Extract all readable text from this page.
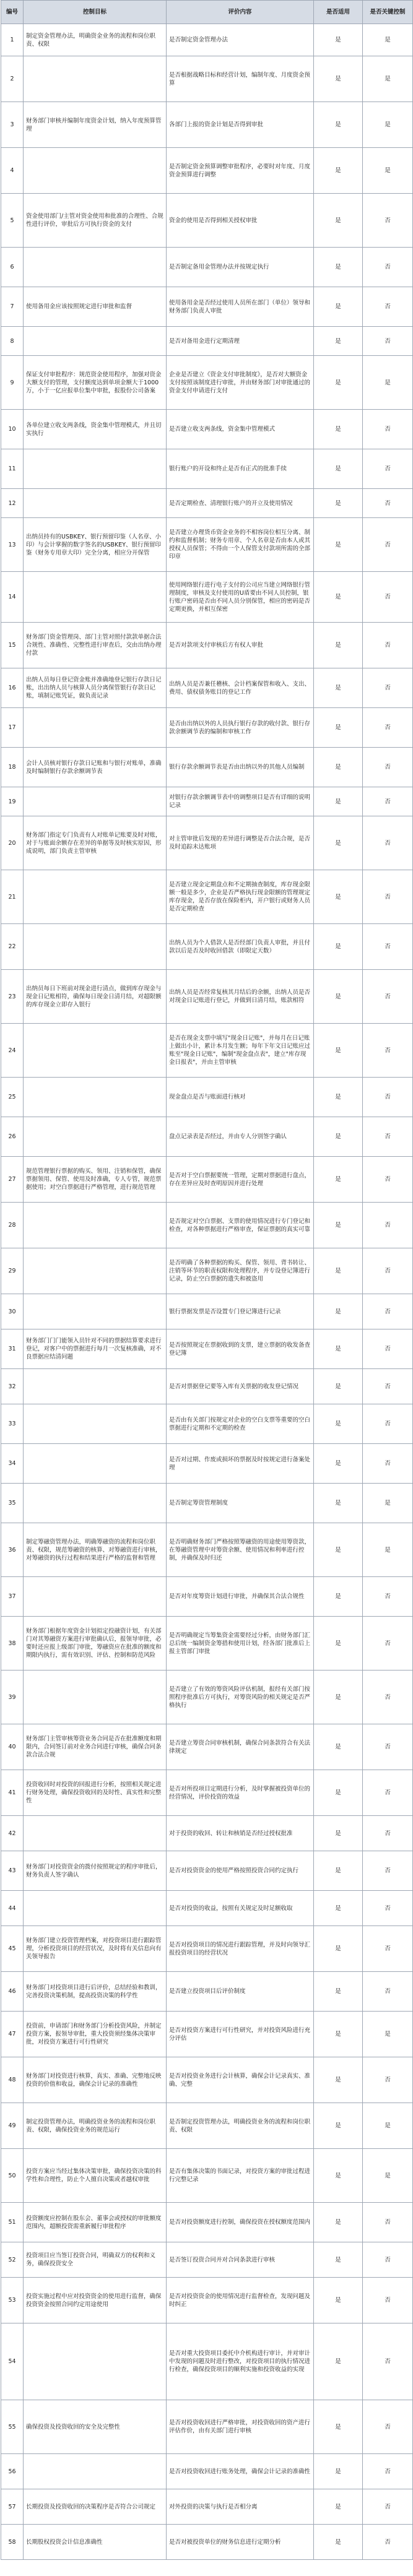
编号	控制目标	评价内容	是否适用	是否关键控制
1	制定资金管理办法，明确资金业务的流程和岗位职责、权限	是否制定资金管理办法	是	是
2		是否根据战略目标和经营计划，编制年度、月度资金预算	是	是
3	财务部门审核并编制年度资金计划，纳入年度预算管理	各部门上报的资金计划是否得到审批	是	是
4		是否制定资金预算调整审批程序，必要时对年度、月度资金预算进行调整	是	是
5	资金使用部门/主管对资金使用和批准的合理性、合规性进行评价，审批后方可执行资金的支付	资金的使用是否得到相关授权审批	是	否
6		是否制定备用金管理办法并按规定执行	是	否
7	使用备用金应该按照规定进行审批和监督	使用备用金是否经过使用人员所在部门（单位）领导和财务部门负责人审批	是	否
8		是否对备用金进行定期清理	是	否
9	保证支付审批程序：规范资金使用程序，加强对资金大额支付的管理，支付额度达到单项金额大于1000万，小于一亿应报单位集中审批，报股份公司备案	企业是否建立《资金支付审批制度》，是否对大额资金支付按照该制度进行审批，并由财务部门对审批通过的资金支付申请进行支付	是	是
10	各单位建立收支两条线，资金集中管理模式，并且切实执行	是否建立收支两条线，资金集中管理模式	是	否
11		银行账户的开设和终止是否有正式的批准手续	是	否
12		是否定期检查、清理银行账户的开立及使用情况	是	否
13	出纳员持有的USBKEY、银行预留印鉴（人名章、小印）与会计掌握的数字签名的USBKEY、银行预留印鉴（财务专用章大印）完全分离，相应分开保管	是否建立办理货币资金业务的不相容岗位相互分离、制约和监督机制；财务专用章、个人名章是否由本人或其授权人员保管；不得由一个人保管支付款项所需的全部印章	是	否
14		使用网络银行进行电子支付的公司应当建立网络银行管理制度，审核及支付使用的U盾要由不同人员控制，银行账户密码是否由不同人员分别保管，相应的密码是否定期更换，并相互保密	是	否
15	财务部门资金管理岗、部门主管对照付款款单据合法合规性、准确性、完整性进行审查后，交由出纳办理付款	是否对款项支付审核后方有权人审批	是	否
16	出纳人员每日登记资金账并准确地登记银行存款日记账，出出纳人员与核算人员分离保管银行存款日记账，填制记账凭证，做负责记录	出纳人员是否兼任稽核、会计档案保管和收入、支出、费用、债权债务账目的登记工作	是	否
17		是否由出纳以外的人员执行银行存款的收付款、银行存款余额调节表的编制和审核工作	是	否
18	会计人员核对银行存款日记账和与银行对账单，准确及时编制银行存款余额调节表	银行存款余额调节表是否由出纳以外的其他人员编制	是	否
19		对银行存款余额调节表中的调整项目是否有详细的说明记录	是	否
20	财务部门指定专门负责有人对账单记账要及时对账，对于与账面余额存在差异的单据等及时核实原因，形成说明，部门负责主管审核	对主管审批后发现的差异进行调整是否合法合规，是否及时追踪未达账项	是	否
21		是否建立现金定期盘点和不定期抽查制度，库存现金限额一般是多少，企业是否严格执行现金限额的管理规定库存现金，是否存放在保险柜内，开户银行或财务人员是否定期检查	是	否
22		出纳人员为个人借款人是否经部门负责人审批，并且付款以后是否及时收回借款（即限定天数）	是	否
23	出纳员每日下班前对现金进行清点，做到库存现金与现金日记账相符，确保每日现金日清月结，对超限额的库存现金立即存入银行	出纳人员是否经常复核其月结后的余额，出纳人员是否对现金日记账进行登记，并做到日清月结，账款相符	是	否
24		是否在现金支票中填写"现金日记账"，并每月在日记账上做出小计，累计本月发生额；每年下年文日记账应过账至"现金日记账"，编制"现金盘点表"，建立"库存现金日报表"，并由主管审核	是	否
25		现金盘点是否与账面进行核对	是	否
26		盘点记录表是否经过，并由专人分别签字确认	是	否
27	规范管理银行票据的购买、领用、注销和保管，确保票据领用、保管、使用及时准确，专人专管，规范票据使用；对空白票据进行严格管理，进行规范管理	是否对于空白票据要统一管理，定期对票据进行盘点，存在差异应及时查明原因并进行处理	是	否
28		是否规定对空白票据、支票的使用情况进行专门登记和检查，对各种票据进行严格审查，保证票据的真实可靠	是	否
29		是否明确了各种票据的购买、保管、领用、背书转让、注销等环节的职责权限和处理程序，并专设登记簿进行记录，防止空白票据的遗失和被盗用	是	否
30		银行票据发票是否设置专门登记簿进行记录	是	否
31	财务部门门门能领入员针对不同的票据结算要求进行登记，对客户中的票据进行每月一次复核准确，对不良票据应结清问题	是否按照规定在票据收到的支票，建立票据的收发备查登记簿	是	否
32		是否对票据登记要等入库有关票据的收发登记情况	是	否
33		是否由有关部门按规定对企业的空白支票等重要的空白票据进行定期和不定期的检查	是	否
34		是否对过期、作废或损坏的票据及时按规定进行备案处理	是	否
35		是否制定筹资管理制度	是	是
36	制定筹融资管理办法，明确筹融资的流程和岗位职责、权限，规范筹融资的核算、对筹融资进行审核，对筹融资的执行过程和结果进行严格的监督和管理	是否明确财务部门严格按照筹融资的用途使用筹资款，在筹融资管理中对筹资余额、使用情况和利率进行控制，并确保及时归还	是	是
37		是否对年度筹资计划进行审批，并确保其合法合规性	是	否
38	财务部门根据年度资金计划拟定投融资计划，有关部门对其筹融资方案进行审批确认后，报领导审批，必要时还应报上级部门审批，筹融资应在批准的额度和期限内执行，需有效识别、评估、控制和防范风险	是否明确规定当筹集资金需要经过分析，由财务部门汇总后统一编制资金筹措和使用计划，经各部门批准后上报主管部门审批	是	否
39		是否建立了有效的筹资风险评估机制，报经有关部门按照程序批准后方可执行，对筹资风险的相关规定是否严格执行	是	否
40	财务部门主管审核筹资业务合同是否在批准额度和期限内，合同签订前对业务合同进行审核，确保合同条款合法合规	是否建立筹资合同审核机制，确保合同条款符合有关法律规定	是	否
41	投资收回时对投资的回报进行分析，按照相关规定进行财务处理，确保投资收回的及时性、真实性和完整性	是否对所投项目定期进行分析，及时掌握被投资单位的经营情况，评价投资的效益	是	否
42		对于投资的收回、转让和核销是否经过授权批准	是	否
43	财务部门对投资资金的拨付按照规定的程序审批后，财务负责人签字确认	是否对投资资金的使用严格按照投资合同约定执行	是	否
44		是否对投资的收益，按照有关规定及时足额收取	是	否
45	财务部门建立投资管理档案，对投资项目进行跟踪管理，分析投资项目的经营状况，及时将有关信息向有关领导报告	是否对投资项目的情况进行跟踪管理，并及时向领导汇报投资项目的经营状况	是	否
46	财务部门对投资项目进行后评价，总结经验和教训，完善投资决策机制，提高投资决策的科学性	是否建立投资项目后评价制度	是	否
47	投资前，申请部门和财务部门分析投资风险，并制定投资方案，报领导审批，重大投资须经集体决策审批，对投资方案进行可行性研究	是否对投资方案进行可行性研究，并对投资风险进行充分评估	是	是
48	财务部门对投资进行核算，真实、准确、完整地反映投资的价值和收益，确保会计记录的准确性	是否对投资业务进行会计核算，确保会计记录真实、准确、完整	是	否
49	制定投资管理办法，明确投资业务的流程和岗位职责、权限，确保投资业务的规范运行	是否制定投资管理办法，明确投资业务的流程和岗位职责、权限	是	是
50	投资方案应当经过集体决策审批，确保投资决策的科学性和合理性，防止个人擅自决策或者越权审批	是否有集体决策的书面记录，对投资方案的审批过程进行完整记录	是	是
51	投资额度应控制在股东会、董事会或授权的审批额度范围内，超额投资需重新履行审批程序	是否对投资额度进行控制，确保投资在授权额度范围内	是	否
52	投资项目应当签订投资合同，明确双方的权利和义务，确保投资安全	是否签订投资合同并对合同条款进行审核	是	否
53	投资实施过程中应对投资资金的使用进行监督，确保投资资金按照合同约定用途使用	是否对投资资金的使用情况进行监督检查，发现问题及时纠正	是	否
54		是否对重大投资项目委托中介机构进行审计，并对审计中发现的问题及时进行整改，对投资项目的执行情况进行检查，确保投资项目的顺利实施和投资收益的实现	是	否
55	确保投资及投资收回的安全及完整性	是否对投资收回进行严格审批，对投资收回的资产进行评估作价，由有关部门进行审核	是	否
56		是否对投资收回进行账务处理，确保会计记录的准确性	是	否
57	长期投资及投资收回的决策程序是否符合公司规定	对外投资的决策与执行是否相分离	是	否
58	长期股权投资会计信息准确性	是否对被投资单位的财务信息进行定期分析	是	否
